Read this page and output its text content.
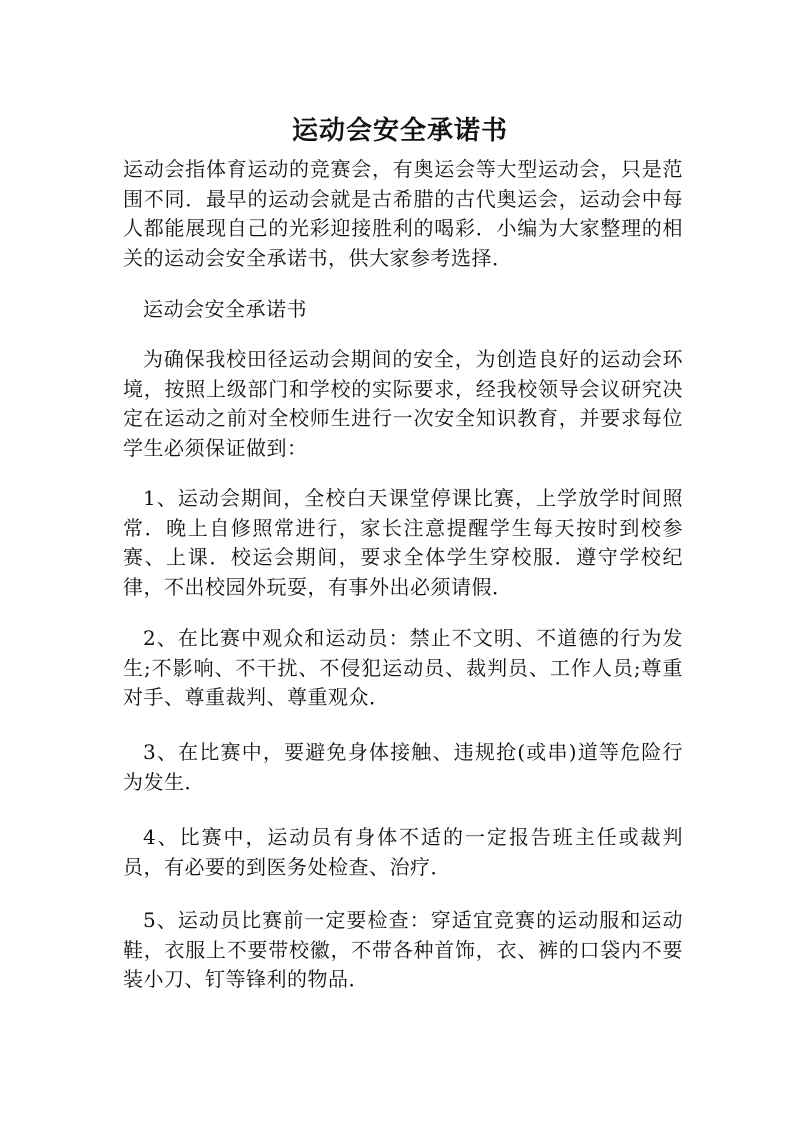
运动会安全承诺书

运动会指体育运动的竞赛会，有奥运会等大型运动会，只是范围不同．最早的运动会就是古希腊的古代奥运会，运动会中每人都能展现自己的光彩迎接胜利的喝彩．小编为大家整理的相关的运动会安全承诺书，供大家参考选择．

运动会安全承诺书

为确保我校田径运动会期间的安全，为创造良好的运动会环境，按照上级部门和学校的实际要求，经我校领导会议研究决定在运动之前对全校师生进行一次安全知识教育，并要求每位学生必须保证做到：

1、运动会期间，全校白天课堂停课比赛，上学放学时间照常．晚上自修照常进行，家长注意提醒学生每天按时到校参赛、上课．校运会期间，要求全体学生穿校服．遵守学校纪律，不出校园外玩耍，有事外出必须请假．

2、在比赛中观众和运动员：禁止不文明、不道德的行为发生;不影响、不干扰、不侵犯运动员、裁判员、工作人员;尊重对手、尊重裁判、尊重观众．

3、在比赛中，要避免身体接触、违规抢(或串)道等危险行为发生．

4、比赛中，运动员有身体不适的一定报告班主任或裁判员，有必要的到医务处检查、治疗．

5、运动员比赛前一定要检查：穿适宜竞赛的运动服和运动鞋，衣服上不要带校徽，不带各种首饰，衣、裤的口袋内不要装小刀、钉等锋利的物品．
